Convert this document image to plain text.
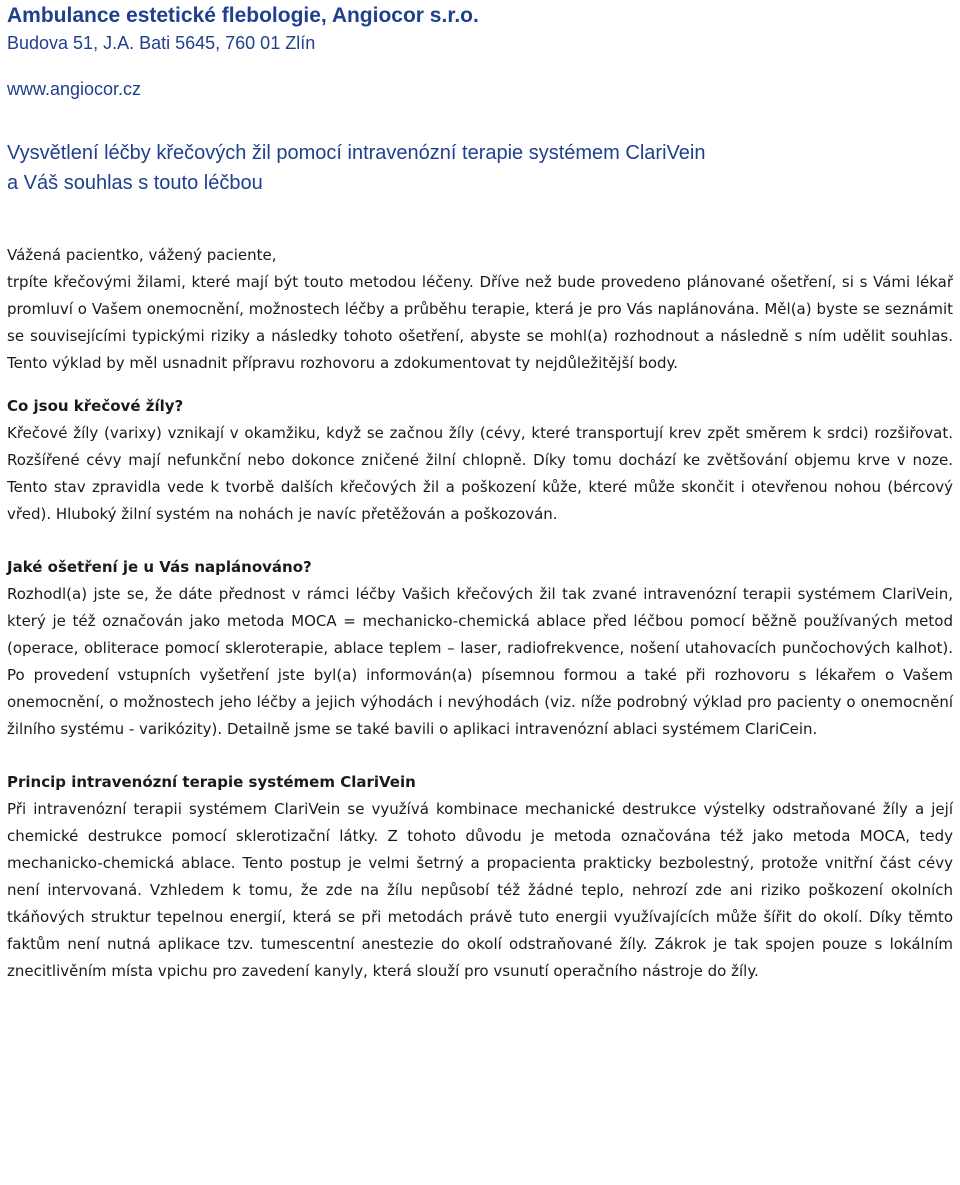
Ambulance estetické flebologie, Angiocor s.r.o.
Budova 51, J.A. Bati 5645, 760 01 Zlín
www.angiocor.cz
Vysvětlení léčby křečových žil pomocí intravenózní terapie systémem ClariVein
a Váš souhlas s touto léčbou

Vážená pacientko, vážený paciente,

trpíte křečovými žilami, které mají být touto metodou léčeny. Dříve než bude provedeno plánované ošetření, si s Vámi lékař promluví o Vašem onemocnění, možnostech léčby a průběhu terapie, která je pro Vás naplánována. Měl(a) byste se seznámit se souvisejícími typickými riziky a následky tohoto ošetření, abyste se mohl(a) rozhodnout a následně s ním udělit souhlas. Tento výklad by měl usnadnit přípravu rozhovoru a zdokumentovat ty nejdůležitější body.

Co jsou křečové žíly?

Křečové žíly (varixy) vznikají v okamžiku, když se začnou žíly (cévy, které transportují krev zpět směrem k srdci) rozšiřovat. Rozšířené cévy mají nefunkční nebo dokonce zničené žilní chlopně. Díky tomu dochází ke zvětšování objemu krve v noze. Tento stav zpravidla vede k tvorbě dalších křečových žil a poškození kůže, které může skončit i otevřenou nohou (bércový vřed). Hluboký žilní systém na nohách je navíc přetěžován a poškozován.

Jaké ošetření je u Vás naplánováno?

Rozhodl(a) jste se, že dáte přednost v rámci léčby Vašich křečových žil tak zvané intravenózní terapii systémem ClariVein, který je též označován jako metoda MOCA = mechanicko-chemická ablace před léčbou pomocí běžně používaných metod (operace, obliterace pomocí skleroterapie, ablace teplem – laser, radiofrekvence, nošení utahovacích punčochových kalhot). Po provedení vstupních vyšetření jste byl(a) informován(a) písemnou formou a také při rozhovoru s lékařem o Vašem onemocnění, o možnostech jeho léčby a jejich výhodách i nevýhodách (viz. níže podrobný výklad pro pacienty o onemocnění žilního systému - varikózity). Detailně jsme se také bavili o aplikaci intravenózní ablaci systémem ClariCein.

Princip intravenózní terapie systémem ClariVein

Při intravenózní terapii systémem ClariVein se využívá kombinace mechanické destrukce výstelky odstraňované žíly a její chemické destrukce pomocí sklerotizační látky. Z tohoto důvodu je metoda označována též jako metoda MOCA, tedy mechanicko-chemická ablace. Tento postup je velmi šetrný a propacienta prakticky bezbolestný, protože vnitřní část cévy není intervovaná. Vzhledem k tomu, že zde na žílu nepůsobí též žádné teplo, nehrozí zde ani riziko poškození okolních tkáňových struktur tepelnou energií, která se při metodách právě tuto energii využívajících může šířit do okolí. Díky těmto faktům není nutná aplikace tzv. tumescentní anestezie do okolí odstraňované žíly. Zákrok je tak spojen pouze s lokálním znecitlivěním místa vpichu pro zavedení kanyly, která slouží pro vsunutí operačního nástroje do žíly.
